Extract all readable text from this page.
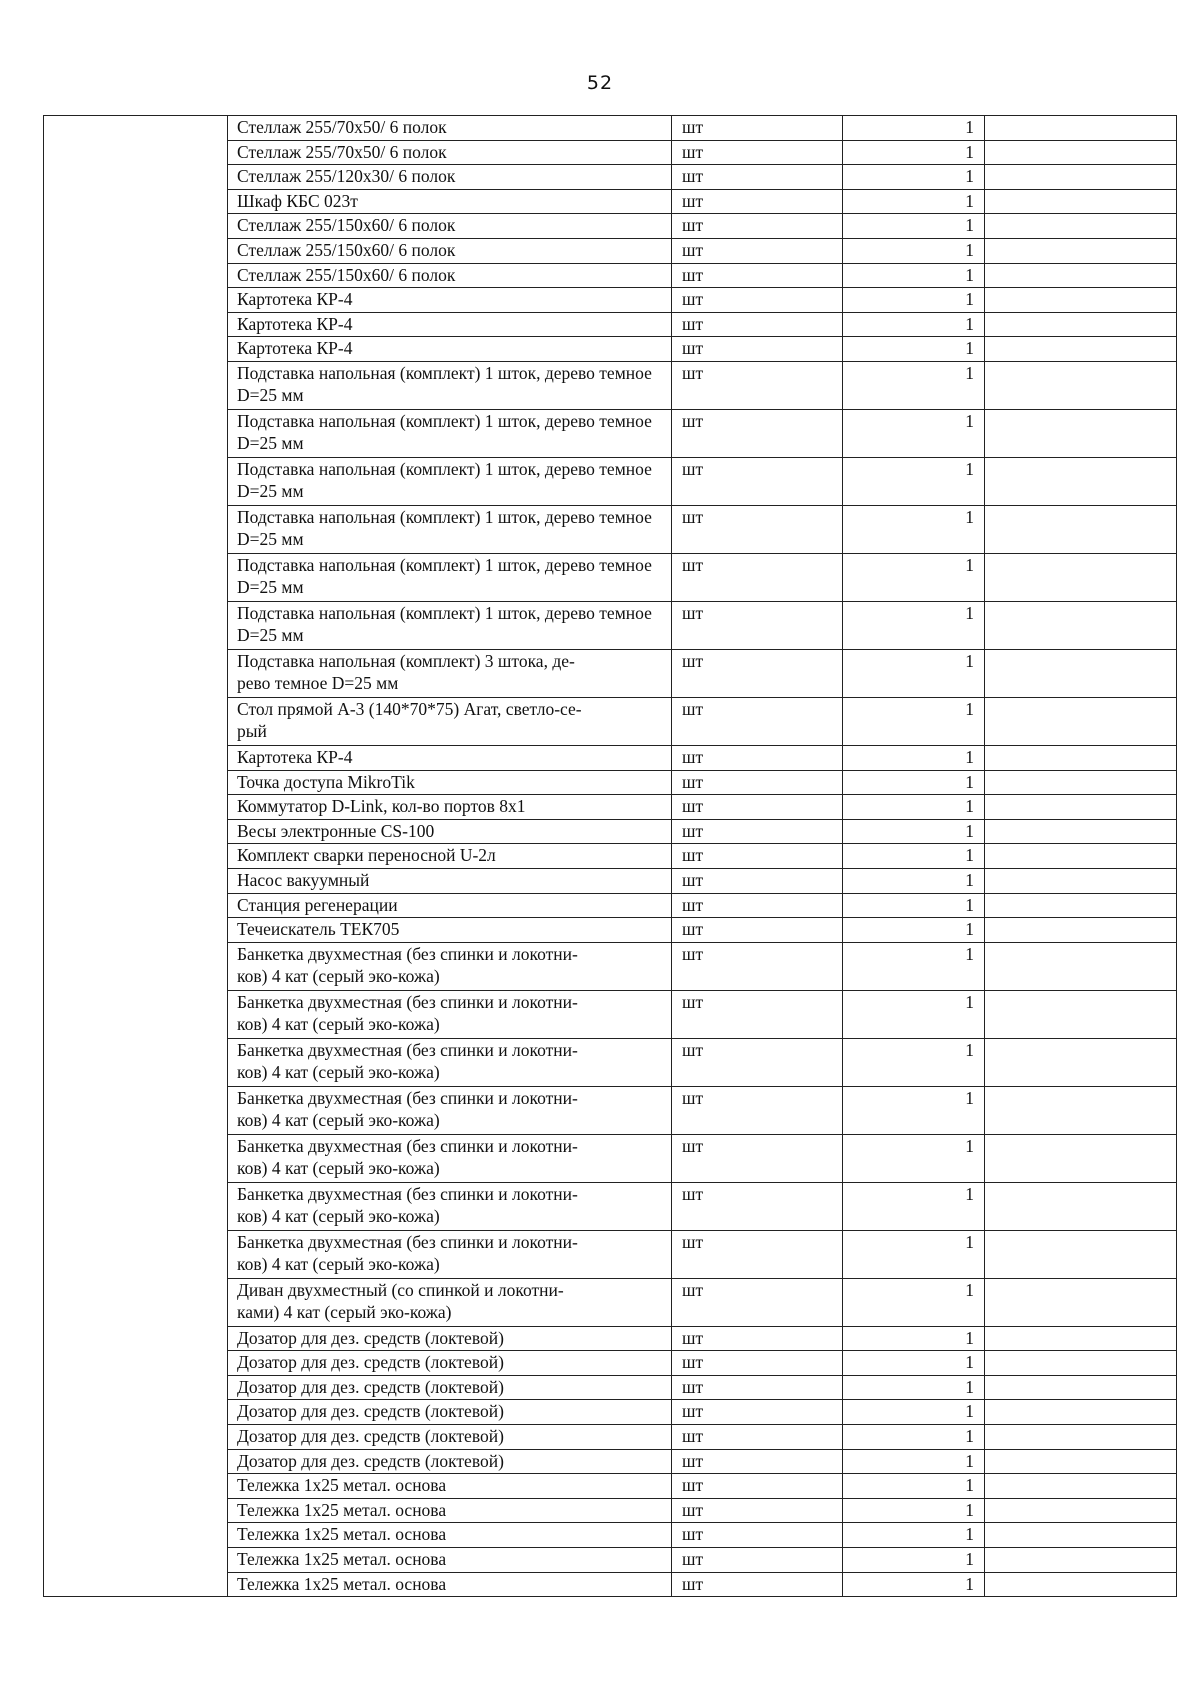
52
	Стеллаж 255/70х50/ 6 полок	шт	1	
	Стеллаж 255/70х50/ 6 полок	шт	1	
	Стеллаж 255/120х30/ 6 полок	шт	1	
	Шкаф КБС 023т	шт	1	
	Стеллаж 255/150х60/ 6 полок	шт	1	
	Стеллаж 255/150х60/ 6 полок	шт	1	
	Стеллаж 255/150х60/ 6 полок	шт	1	
	Картотека КР-4	шт	1	
	Картотека КР-4	шт	1	
	Картотека КР-4	шт	1	
	Подставка напольная (комплект) 1 шток, дерево темное D=25 мм	шт	1	
	Подставка напольная (комплект) 1 шток, дерево темное D=25 мм	шт	1	
	Подставка напольная (комплект) 1 шток, дерево темное D=25 мм	шт	1	
	Подставка напольная (комплект) 1 шток, дерево темное D=25 мм	шт	1	
	Подставка напольная (комплект) 1 шток, дерево темное D=25 мм	шт	1	
	Подставка напольная (комплект) 1 шток, дерево темное D=25 мм	шт	1	
	Подставка напольная (комплект) 3 штока, де-
рево темное D=25 мм	шт	1	
	Стол прямой А-3 (140*70*75) Агат, светло-се-
рый	шт	1	
	Картотека КР-4	шт	1	
	Точка доступа MikroTik	шт	1	
	Коммутатор D-Link, кол-во портов 8х1	шт	1	
	Весы электронные CS-100	шт	1	
	Комплект сварки переносной U-2л	шт	1	
	Насос вакуумный	шт	1	
	Станция регенерации	шт	1	
	Течеискатель ТЕК705	шт	1	
	Банкетка двухместная (без спинки и локотни-
ков) 4 кат (серый эко-кожа)	шт	1	
	Банкетка двухместная (без спинки и локотни-
ков) 4 кат (серый эко-кожа)	шт	1	
	Банкетка двухместная (без спинки и локотни-
ков) 4 кат (серый эко-кожа)	шт	1	
	Банкетка двухместная (без спинки и локотни-
ков) 4 кат (серый эко-кожа)	шт	1	
	Банкетка двухместная (без спинки и локотни-
ков) 4 кат (серый эко-кожа)	шт	1	
	Банкетка двухместная (без спинки и локотни-
ков) 4 кат (серый эко-кожа)	шт	1	
	Банкетка двухместная (без спинки и локотни-
ков) 4 кат (серый эко-кожа)	шт	1	
	Диван двухместный (со спинкой и локотни-
ками) 4 кат (серый эко-кожа)	шт	1	
	Дозатор для дез. средств (локтевой)	шт	1	
	Дозатор для дез. средств (локтевой)	шт	1	
	Дозатор для дез. средств (локтевой)	шт	1	
	Дозатор для дез. средств (локтевой)	шт	1	
	Дозатор для дез. средств (локтевой)	шт	1	
	Дозатор для дез. средств (локтевой)	шт	1	
	Тележка 1х25 метал. основа	шт	1	
	Тележка 1х25 метал. основа	шт	1	
	Тележка 1х25 метал. основа	шт	1	
	Тележка 1х25 метал. основа	шт	1	
	Тележка 1х25 метал. основа	шт	1	
